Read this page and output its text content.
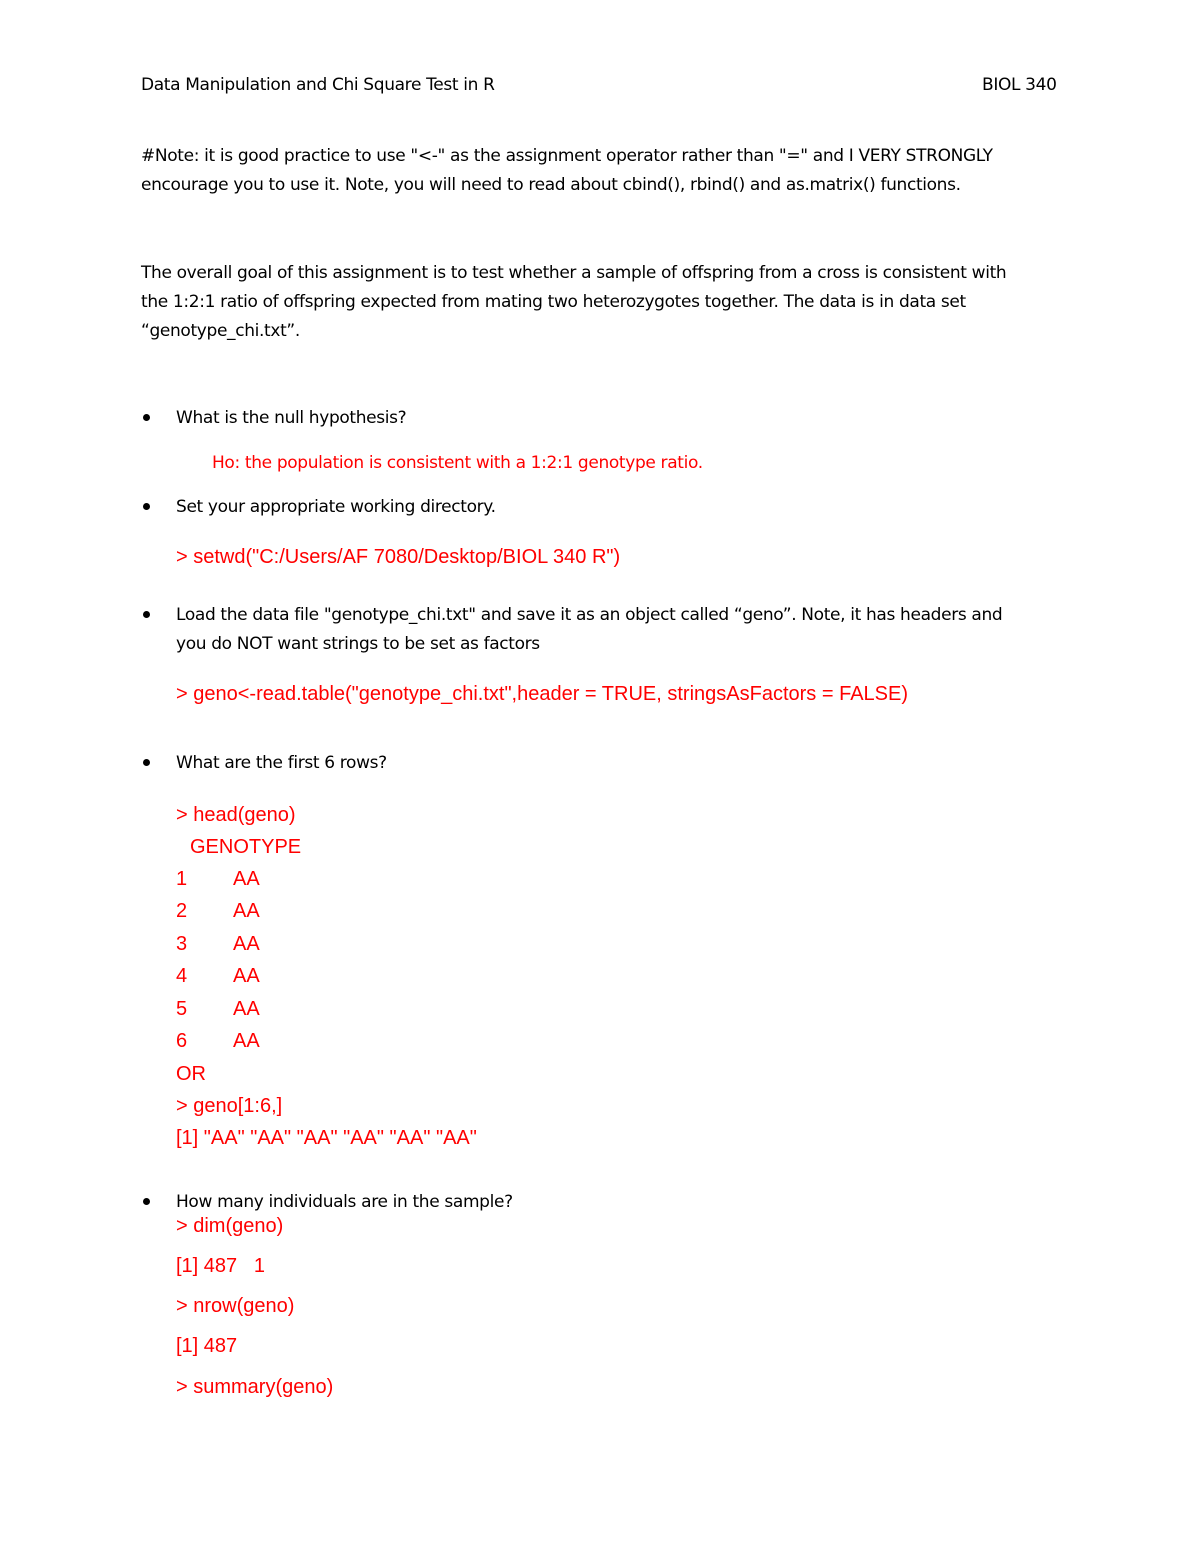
Data Manipulation and Chi Square Test in R	BIOL 340
#Note: it is good practice to use "<-" as the assignment operator rather than "=" and I VERY STRONGLY
encourage you to use it. Note, you will need to read about cbind(), rbind() and as.matrix() functions.
The overall goal of this assignment is to test whether a sample of offspring from a cross is consistent with
the 1:2:1 ratio of offspring expected from mating two heterozygotes together. The data is in data set
“genotype_chi.txt”.
What is the null hypothesis?
Ho: the population is consistent with a 1:2:1 genotype ratio.
Set your appropriate working directory.
> setwd("C:/Users/AF 7080/Desktop/BIOL 340 R")
Load the data file "genotype_chi.txt" and save it as an object called “geno”. Note, it has headers and
you do NOT want strings to be set as factors
> geno<-read.table("genotype_chi.txt",header = TRUE, stringsAsFactors = FALSE)
What are the first 6 rows?
> head(geno)
GENOTYPE
1 AA
2 AA
3 AA
4 AA
5 AA
6 AA
OR
> geno[1:6,]
[1] "AA" "AA" "AA" "AA" "AA" "AA"
How many individuals are in the sample?
> dim(geno)
[1] 487   1
> nrow(geno)
[1] 487
> summary(geno)
